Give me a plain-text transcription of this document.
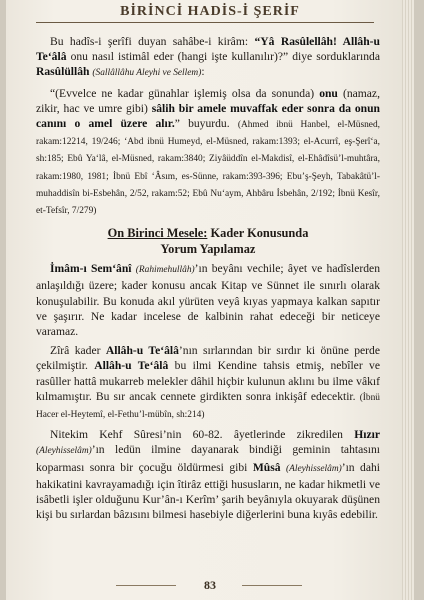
BİRİNCİ HADİS-İ ŞERİF

Bu hadîs-i şerîfi duyan sahâbe-i kirâm: “Yâ Rasûlellâh! Allâh-u Te‘âlâ onu nasıl istimâl eder (hangi işte kullanılır)?” diye sorduklarında Rasûlüllâh (Sallâllâhu Aleyhi ve Sellem):

“(Evvelce ne kadar günahlar işlemiş olsa da sonunda) onu (namaz, zikir, hac ve umre gibi) sâlih bir amele muvaffak eder sonra da onun canını o amel üzere alır.” buyurdu. (Ahmed ibnü Hanbel, el-Müsned, rakam:12214, 19/246; ‘Abd ibnü Humeyd, el-Müsned, rakam:1393; el-Acurrî, eş-Şerî‘a, sh:185; Ebû Ya‘lâ, el-Müsned, rakam:3840; Ziyâüddîn el-Makdisî, el-Ehâdîsü’l-muhtâra, rakam:1980, 1981; İbnü Ebî ‘Âsım, es-Sünne, rakam:393-396; Ebu’ş-Şeyh, Tabakâtü’l-muhaddisîn bi-Esbehân, 2/52, rakam:52; Ebû Nu‘aym, Ahbâru İsbehân, 2/192; İbnü Kesîr, et-Tefsîr, 7/279)

On Birinci Mesele: Kader Konusunda
Yorum Yapılamaz

İmâm-ı Sem‘ânî (Rahimehullâh)’ın beyânı vechile; âyet ve hadîslerden anlaşıldığı üzere; kader konusu ancak Kitap ve Sünnet ile sınırlı olarak konuşulabilir. Bu konuda akıl yürüten veyâ kıyas yapmaya kalkan sapıtır ve şaşırır. Ne kadar incelese de kalbinin rahat edeceği bir neticeye varamaz.

Zîrâ kader Allâh-u Te‘âlâ’nın sırlarından bir sırdır ki önüne perde çekilmiştir. Allâh-u Te‘âlâ bu ilmi Kendine tahsis etmiş, nebîler ve rasûller hattâ mukarreb melekler dâhil hiçbir kulunun aklını bu ilme vâkıf kılmamıştır. Bu sır ancak cennete girdikten sonra inkişâf edecektir. (İbnü Hacer el-Heytemî, el-Fethu’l-mübîn, sh:214)

Nitekim Kehf Sûresi’nin 60-82. âyetlerinde zikredilen Hızır (Aleyhisselâm)’ın ledün ilmine dayanarak bindiği geminin tahtasını koparması sonra bir çocuğu öldürmesi gibi Mûsâ (Aleyhisselâm)’ın dahi hakikatini kavrayamadığı için îtirâz ettiği hususların, ne kadar hikmetli ve isâbetli işler olduğunu Kur’ân-ı Kerîm’ şarih beyânıyla okuyarak düşünen kişi bu sırlardan bâzısını bilmesi hasebiyle diğerlerini buna kıyâs edebilir.

83
